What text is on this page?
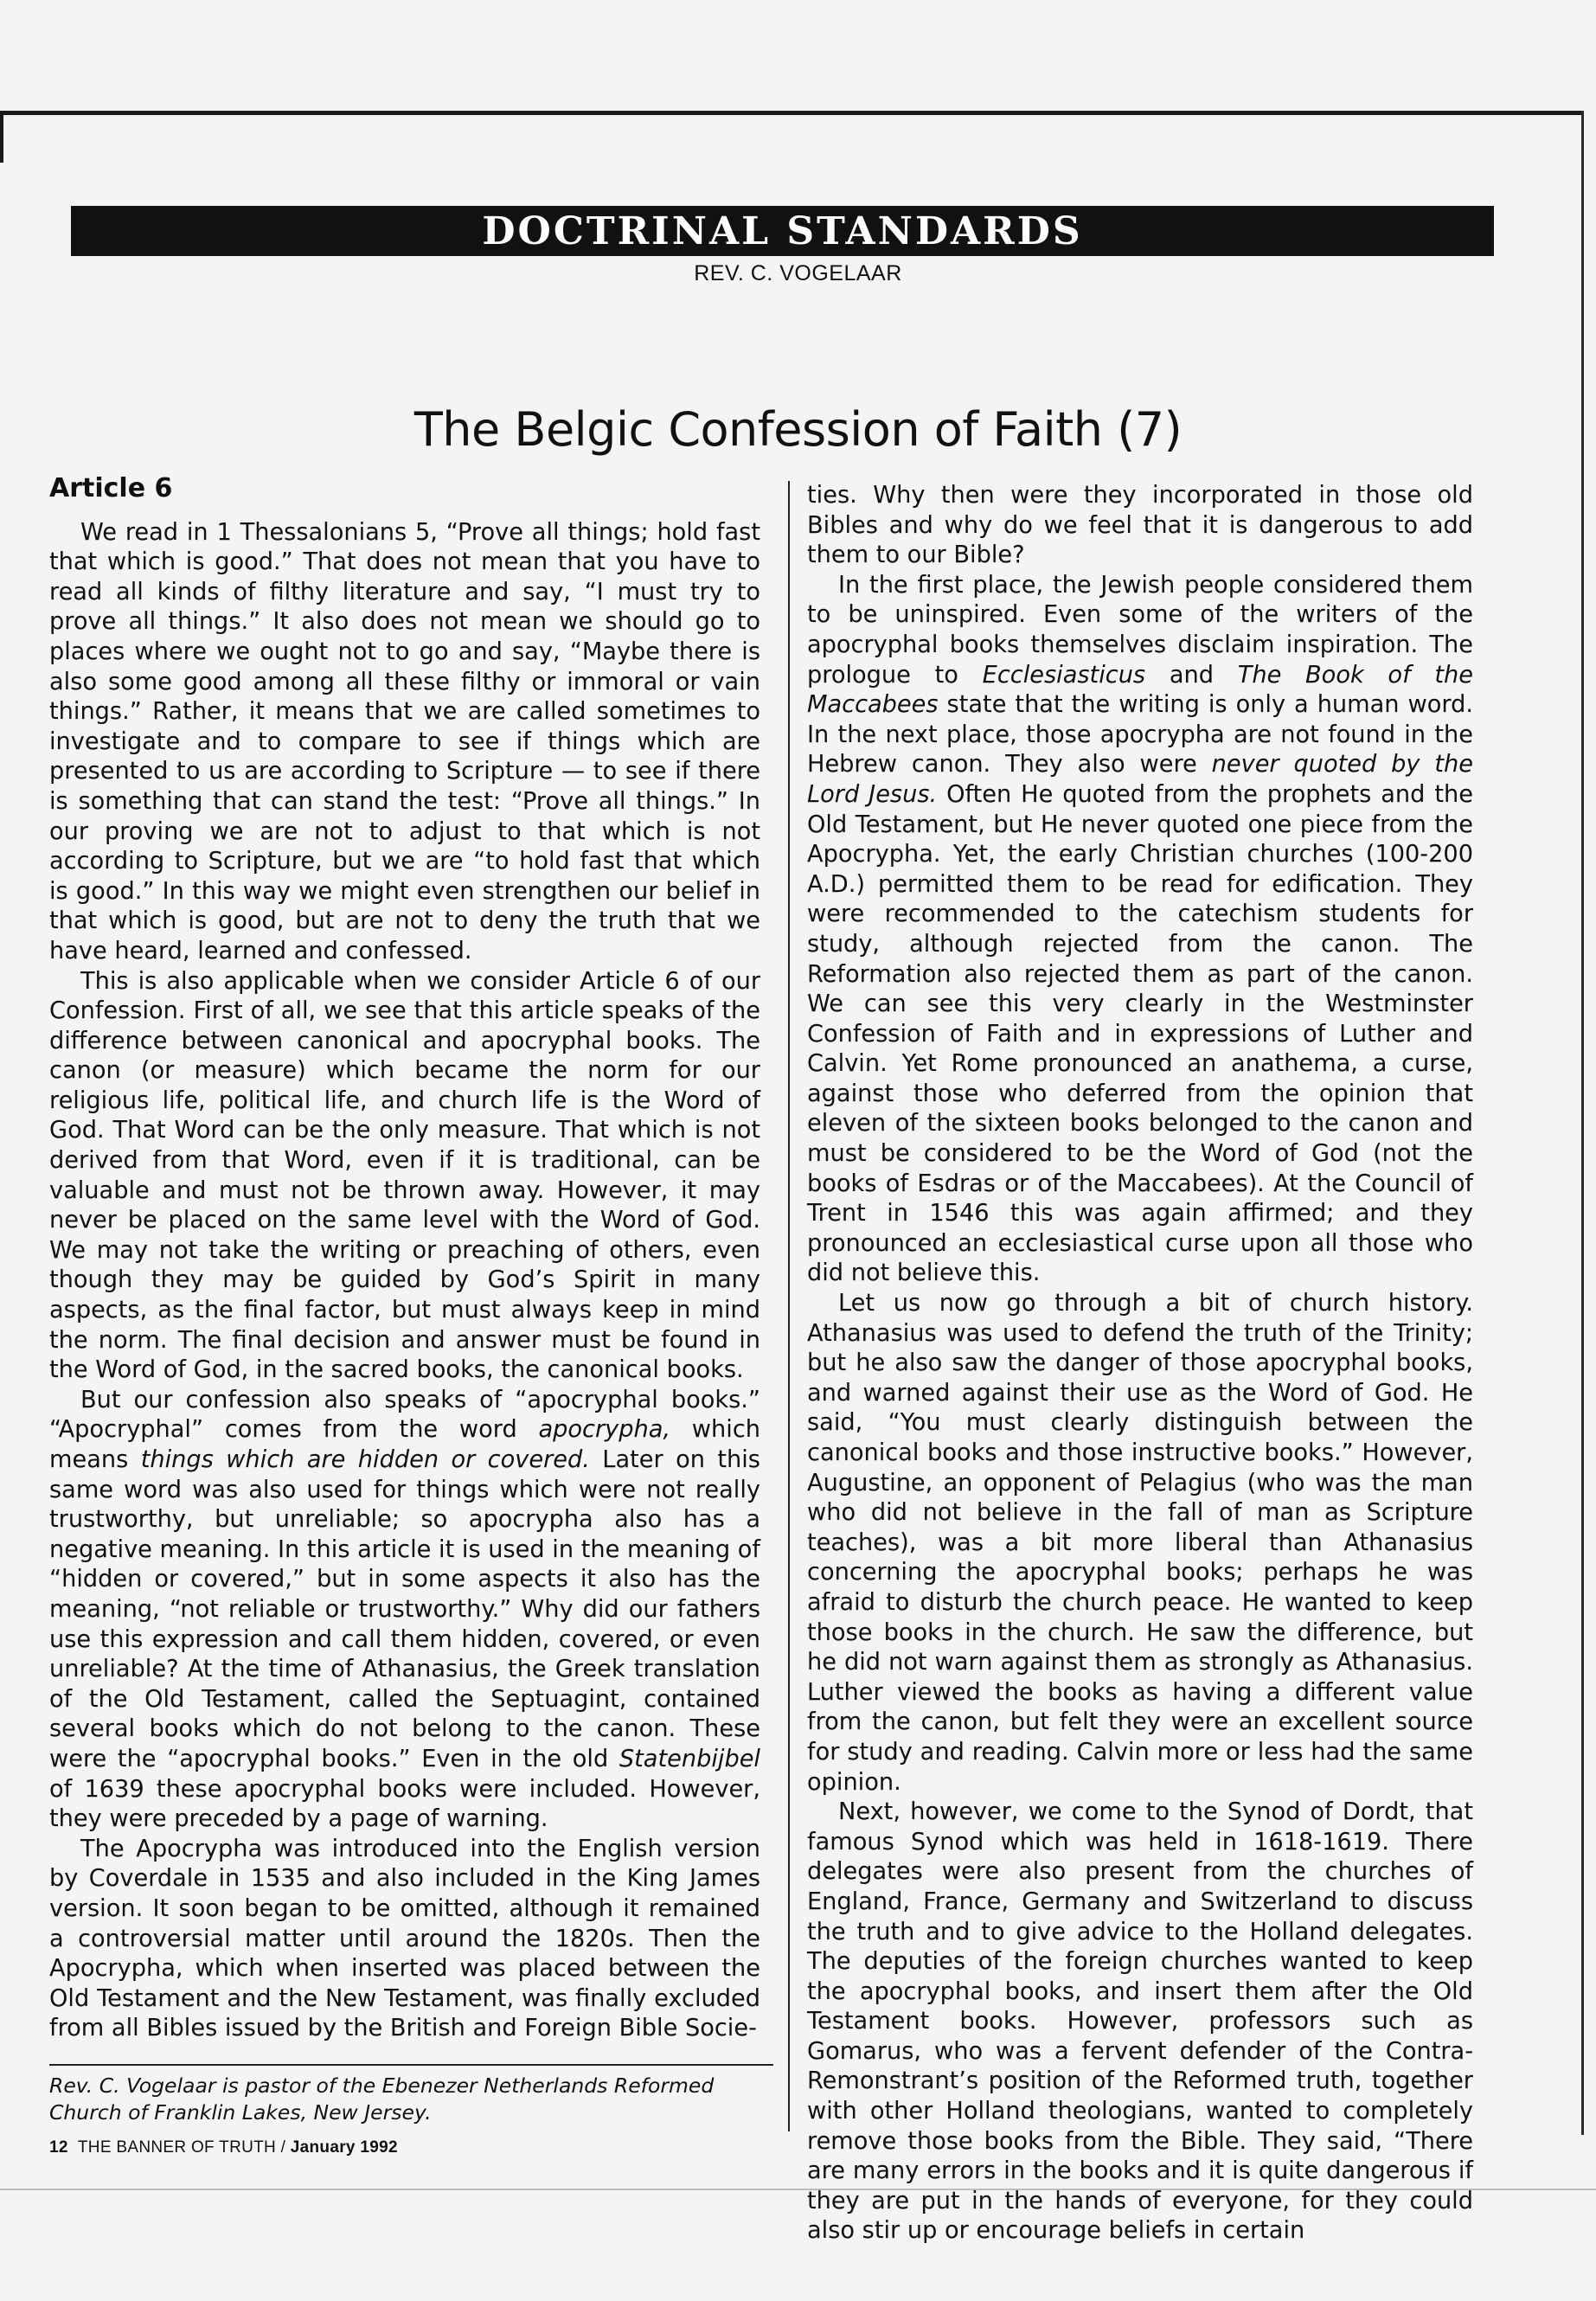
DOCTRINAL STANDARDS
REV. C. VOGELAAR
The Belgic Confession of Faith (7)
Article 6

We read in 1 Thessalonians 5, “Prove all things; hold fast that which is good.” That does not mean that you have to read all kinds of filthy literature and say, “I must try to prove all things.” It also does not mean we should go to places where we ought not to go and say, “Maybe there is also some good among all these filthy or immoral or vain things.” Rather, it means that we are called sometimes to investigate and to compare to see if things which are presented to us are according to Scripture — to see if there is something that can stand the test: “Prove all things.” In our proving we are not to adjust to that which is not according to Scripture, but we are “to hold fast that which is good.” In this way we might even strengthen our belief in that which is good, but are not to deny the truth that we have heard, learned and confessed.

This is also applicable when we consider Article 6 of our Confession. First of all, we see that this article speaks of the difference between canonical and apocryphal books. The canon (or measure) which became the norm for our religious life, political life, and church life is the Word of God. That Word can be the only measure. That which is not derived from that Word, even if it is traditional, can be valuable and must not be thrown away. However, it may never be placed on the same level with the Word of God. We may not take the writing or preaching of others, even though they may be guided by God’s Spirit in many aspects, as the final factor, but must always keep in mind the norm. The final decision and answer must be found in the Word of God, in the sacred books, the canonical books.

But our confession also speaks of “apocryphal books.” “Apocryphal” comes from the word apocrypha, which means things which are hidden or covered. Later on this same word was also used for things which were not really trustworthy, but unreliable; so apocrypha also has a negative meaning. In this article it is used in the meaning of “hidden or covered,” but in some aspects it also has the meaning, “not reliable or trustworthy.” Why did our fathers use this expression and call them hidden, covered, or even unreliable? At the time of Athanasius, the Greek translation of the Old Testament, called the Septuagint, contained several books which do not belong to the canon. These were the “apocryphal books.” Even in the old Statenbijbel of 1639 these apocryphal books were included. However, they were preceded by a page of warning.

The Apocrypha was introduced into the English version by Coverdale in 1535 and also included in the King James version. It soon began to be omitted, although it remained a controversial matter until around the 1820s. Then the Apocrypha, which when inserted was placed between the Old Testament and the New Testament, was finally excluded from all Bibles issued by the British and Foreign Bible Socie-

ties. Why then were they incorporated in those old Bibles and why do we feel that it is dangerous to add them to our Bible?

In the first place, the Jewish people considered them to be uninspired. Even some of the writers of the apocryphal books themselves disclaim inspiration. The prologue to Ecclesiasticus and The Book of the Maccabees state that the writing is only a human word. In the next place, those apocrypha are not found in the Hebrew canon. They also were never quoted by the Lord Jesus. Often He quoted from the prophets and the Old Testament, but He never quoted one piece from the Apocrypha. Yet, the early Christian churches (100-200 A.D.) permitted them to be read for edification. They were recommended to the catechism students for study, although rejected from the canon. The Reformation also rejected them as part of the canon. We can see this very clearly in the Westminster Confession of Faith and in expressions of Luther and Calvin. Yet Rome pronounced an anathema, a curse, against those who deferred from the opinion that eleven of the sixteen books belonged to the canon and must be considered to be the Word of God (not the books of Esdras or of the Maccabees). At the Council of Trent in 1546 this was again affirmed; and they pronounced an ecclesiastical curse upon all those who did not believe this.

Let us now go through a bit of church history. Athanasius was used to defend the truth of the Trinity; but he also saw the danger of those apocryphal books, and warned against their use as the Word of God. He said, “You must clearly distinguish between the canonical books and those instructive books.” However, Augustine, an opponent of Pelagius (who was the man who did not believe in the fall of man as Scripture teaches), was a bit more liberal than Athanasius concerning the apocryphal books; perhaps he was afraid to disturb the church peace. He wanted to keep those books in the church. He saw the difference, but he did not warn against them as strongly as Athanasius. Luther viewed the books as having a different value from the canon, but felt they were an excellent source for study and reading. Calvin more or less had the same opinion.

Next, however, we come to the Synod of Dordt, that famous Synod which was held in 1618-1619. There delegates were also present from the churches of England, France, Germany and Switzerland to discuss the truth and to give advice to the Holland delegates. The deputies of the foreign churches wanted to keep the apocryphal books, and insert them after the Old Testament books. However, professors such as Gomarus, who was a fervent defender of the Contra-Remonstrant’s position of the Reformed truth, together with other Holland theologians, wanted to completely remove those books from the Bible. They said, “There are many errors in the books and it is quite dangerous if they are put in the hands of everyone, for they could also stir up or encourage beliefs in certain

Rev. C. Vogelaar is pastor of the Ebenezer Netherlands Reformed Church of Franklin Lakes, New Jersey.
12 THE BANNER OF TRUTH / January 1992
